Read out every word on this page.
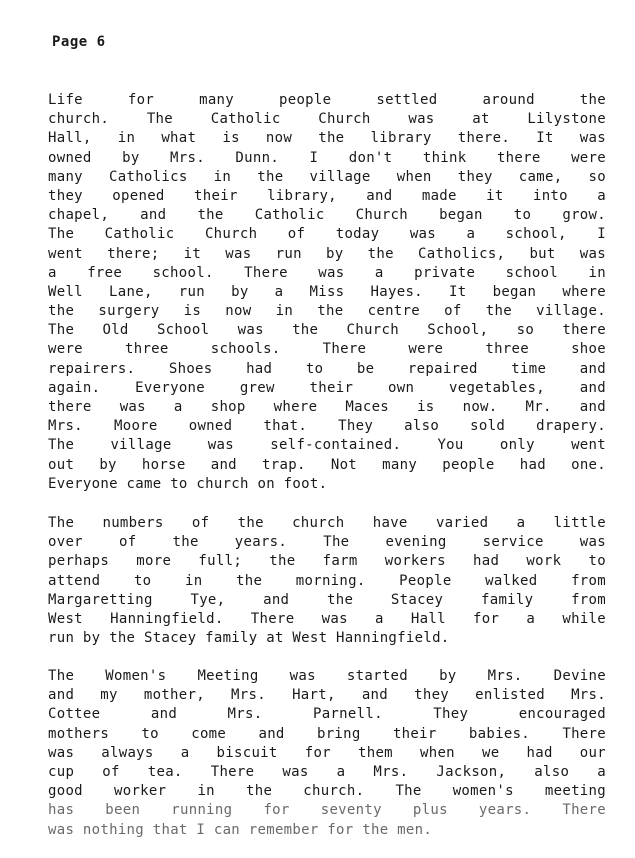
Page 6
Life for many people settled around the
church. The Catholic Church was at Lilystone
Hall, in what is now the library there. It was
owned by Mrs. Dunn. I don't think there were
many Catholics in the village when they came, so
they opened their library, and made it into a
chapel, and the Catholic Church began to grow.
The Catholic Church of today was a school, I
went there; it was run by the Catholics, but was
a free school. There was a private school in
Well Lane, run by a Miss Hayes. It began where
the surgery is now in the centre of the village.
The Old School was the Church School, so there
were three schools. There were three shoe
repairers. Shoes had to be repaired time and
again. Everyone grew their own vegetables, and
there was a shop where Maces is now. Mr. and
Mrs. Moore owned that. They also sold drapery.
The village was self-contained. You only went
out by horse and trap. Not many people had one.
Everyone came to church on foot.
The numbers of the church have varied a little
over of the years. The evening service was
perhaps more full; the farm workers had work to
attend to in the morning. People walked from
Margaretting Tye, and the Stacey family from
West Hanningfield. There was a Hall for a while
run by the Stacey family at West Hanningfield.
The Women's Meeting was started by Mrs. Devine
and my mother, Mrs. Hart, and they enlisted Mrs.
Cottee and Mrs. Parnell. They encouraged
mothers to come and bring their babies. There
was always a biscuit for them when we had our
cup of tea. There was a Mrs. Jackson, also a
good worker in the church. The women's meeting
has been running for seventy plus years. There
was nothing that I can remember for the men.
